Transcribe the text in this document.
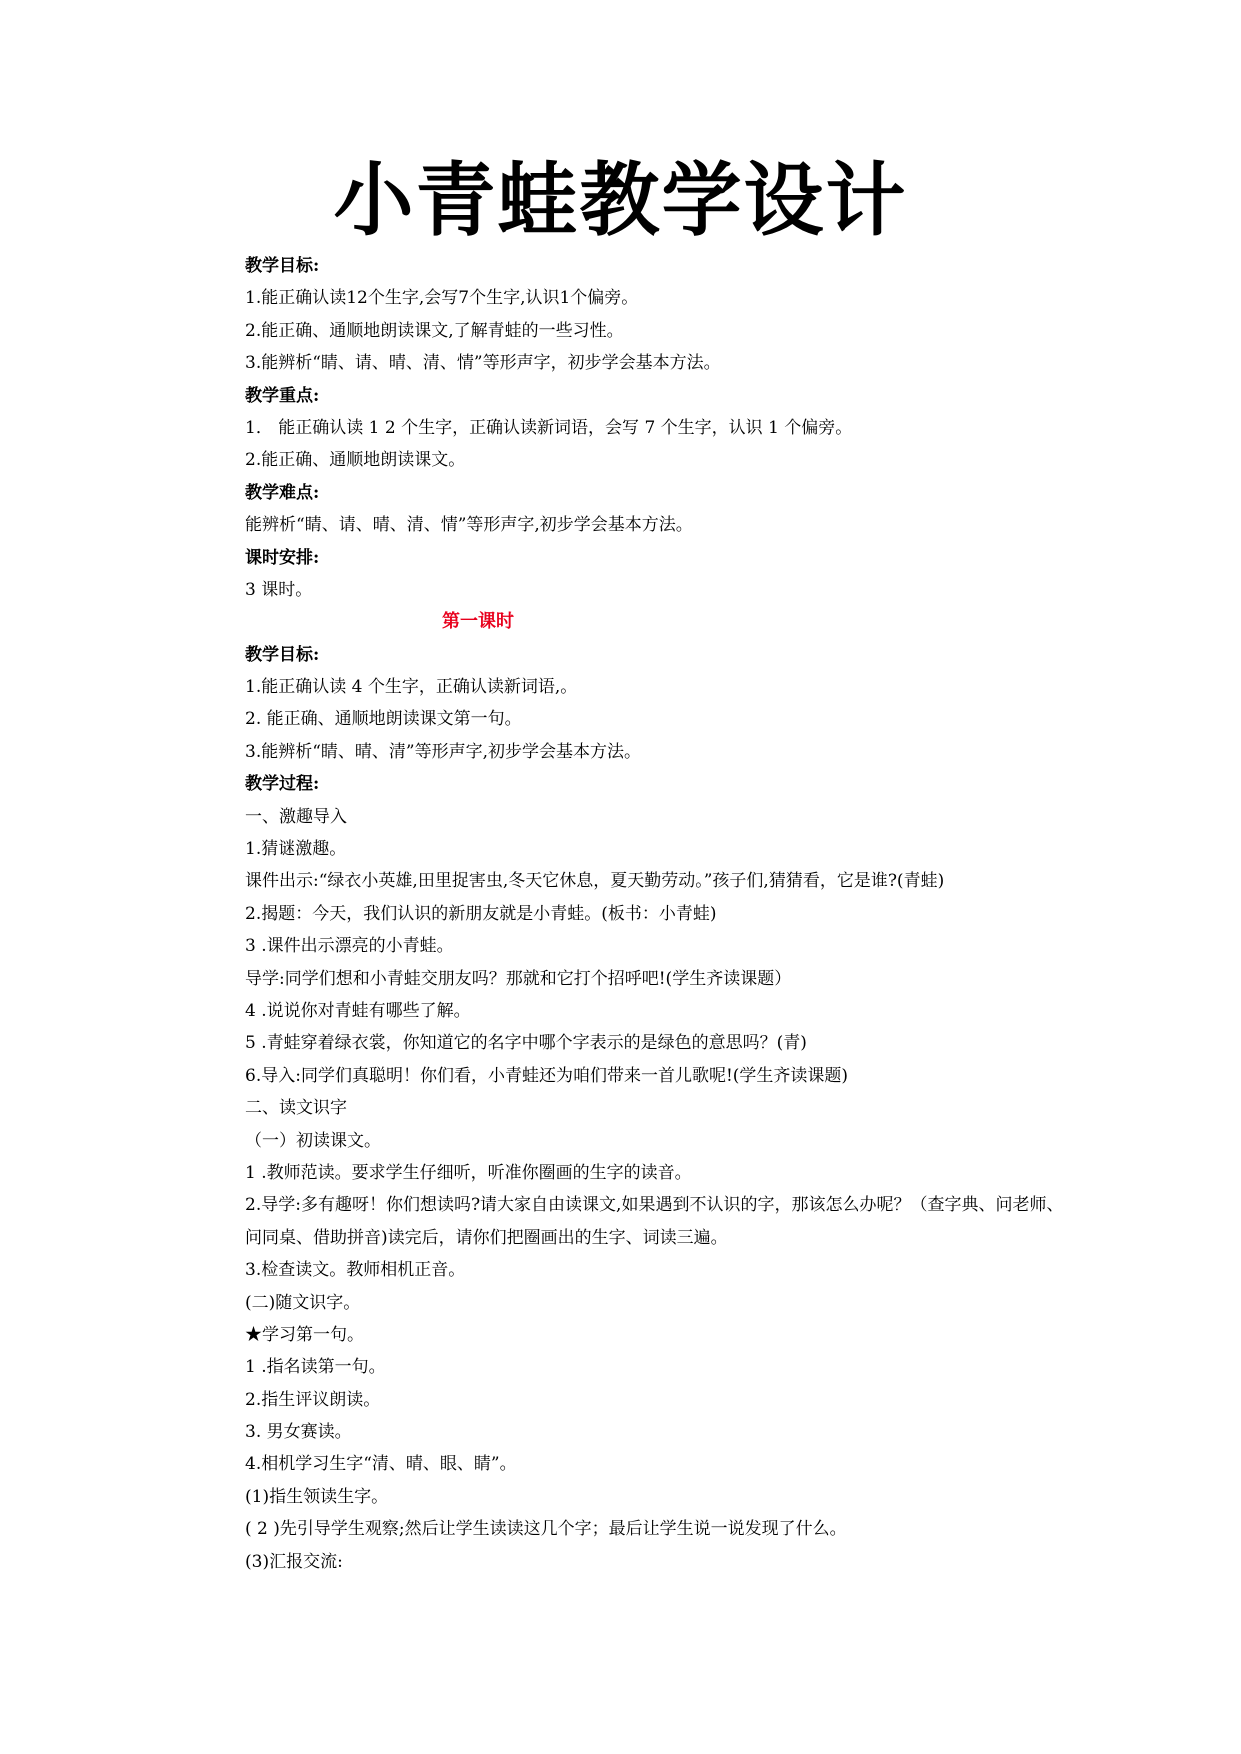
小青蛙教学设计

教学目标:

1.能正确认读12个生字,会写7个生字,认识1个偏旁。

2.能正确、通顺地朗读课文,了解青蛙的一些习性。

3.能辨析“睛、请、晴、清、情”等形声字，初步学会基本方法。

教学重点:

1． 能正确认读 1 2 个生字，正确认读新词语，会写 7 个生字，认识 1 个偏旁。

2.能正确、通顺地朗读课文。

教学难点:

能辨析“睛、请、晴、清、情”等形声字,初步学会基本方法。

课时安排:

3 课时。

第一课时

教学目标:

1.能正确认读 4 个生字，正确认读新词语,。

2. 能正确、通顺地朗读课文第一句。

3.能辨析“睛、晴、清”等形声字,初步学会基本方法。

教学过程:

一、激趣导入

1.猜谜激趣。

课件出示:“绿衣小英雄,田里捉害虫,冬天它休息，夏天勤劳动。”孩子们,猜猜看，它是谁?(青蛙)

2.揭题：今天，我们认识的新朋友就是小青蛙。(板书：小青蛙)

3 .课件出示漂亮的小青蛙。

导学:同学们想和小青蛙交朋友吗？那就和它打个招呼吧!(学生齐读课题）

4 .说说你对青蛙有哪些了解。

5 .青蛙穿着绿衣裳，你知道它的名字中哪个字表示的是绿色的意思吗？(青)

6.导入:同学们真聪明！你们看，小青蛙还为咱们带来一首儿歌呢!(学生齐读课题)

二、读文识字

（一）初读课文。

1 .教师范读。要求学生仔细听，听准你圈画的生字的读音。

2.导学:多有趣呀！你们想读吗?请大家自由读课文,如果遇到不认识的字，那该怎么办呢？（查字典、问老师、问同桌、借助拼音)读完后，请你们把圈画出的生字、词读三遍。

3.检查读文。教师相机正音。

(二)随文识字。

★学习第一句。

1 .指名读第一句。

2.指生评议朗读。

3. 男女赛读。

4.相机学习生字“清、晴、眼、睛”。

(1)指生领读生字。

( 2 )先引导学生观察;然后让学生读读这几个字；最后让学生说一说发现了什么。

(3)汇报交流:
